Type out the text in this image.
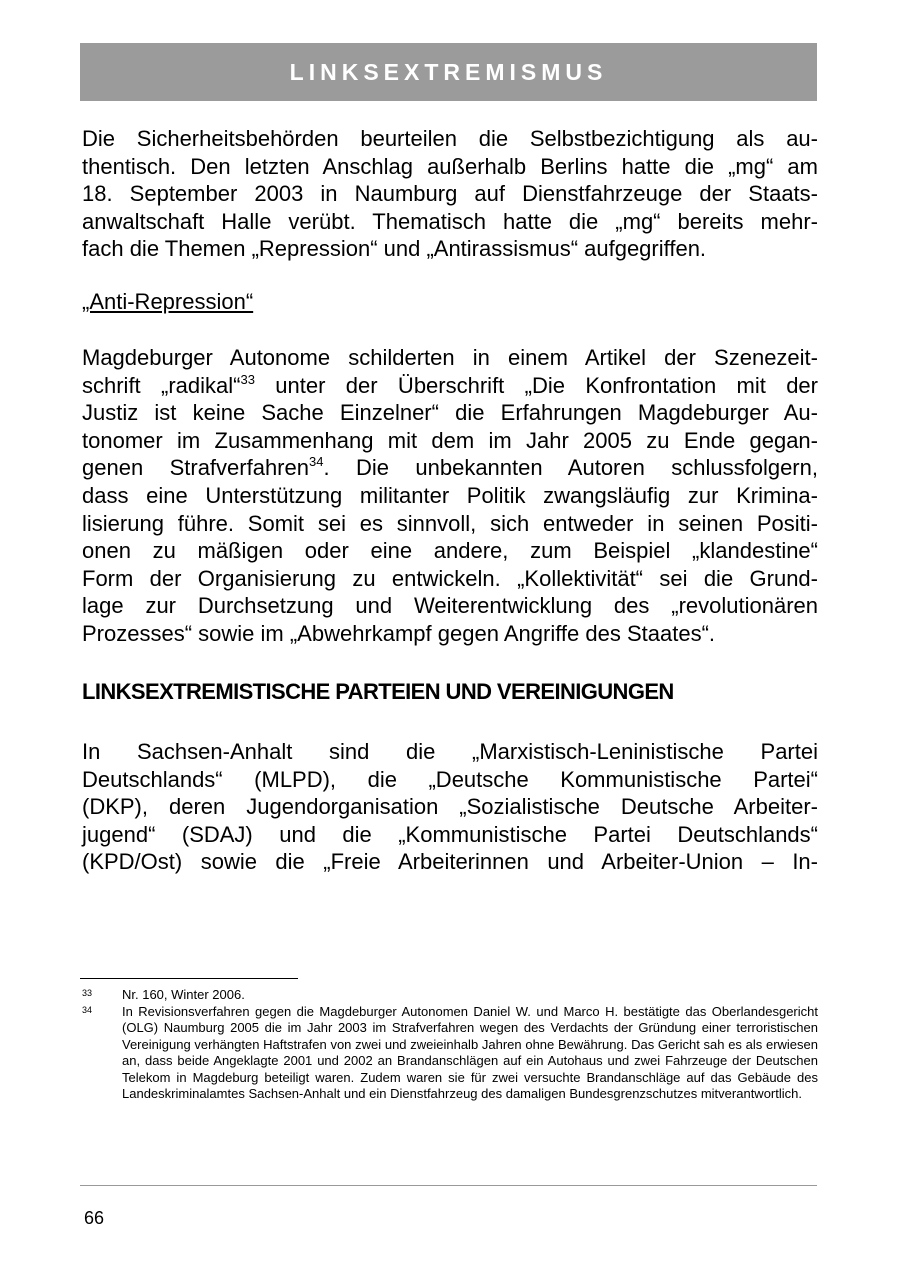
LINKSEXTREMISMUS
Die Sicherheitsbehörden beurteilen die Selbstbezichtigung als au-
thentisch. Den letzten Anschlag außerhalb Berlins hatte die „mg“ am
18. September 2003 in Naumburg auf Dienstfahrzeuge der Staats-
anwaltschaft Halle verübt. Thematisch hatte die „mg“ bereits mehr-
fach die Themen „Repression“ und „Antirassismus“ aufgegriffen.
„Anti-Repression“
Magdeburger Autonome schilderten in einem Artikel der Szenezeit-
schrift „radikal“$^{33}$ unter der Überschrift „Die Konfrontation mit der
Justiz ist keine Sache Einzelner“ die Erfahrungen Magdeburger Au-
tonomer im Zusammenhang mit dem im Jahr 2005 zu Ende gegan-
genen Strafverfahren$^{34}$. Die unbekannten Autoren schlussfolgern,
dass eine Unterstützung militanter Politik zwangsläufig zur Krimina-
lisierung führe. Somit sei es sinnvoll, sich entweder in seinen Positi-
onen zu mäßigen oder eine andere, zum Beispiel „klandestine“
Form der Organisierung zu entwickeln. „Kollektivität“ sei die Grund-
lage zur Durchsetzung und Weiterentwicklung des „revolutionären
Prozesses“ sowie im „Abwehrkampf gegen Angriffe des Staates“.
LINKSEXTREMISTISCHE PARTEIEN UND VEREINIGUNGEN
In Sachsen-Anhalt sind die „Marxistisch-Leninistische Partei
Deutschlands“ (MLPD), die „Deutsche Kommunistische Partei“
(DKP), deren Jugendorganisation „Sozialistische Deutsche Arbeiter-
jugend“ (SDAJ) und die „Kommunistische Partei Deutschlands“
(KPD/Ost) sowie die „Freie Arbeiterinnen und Arbeiter-Union – In-
33	Nr. 160, Winter 2006.
34	In Revisionsverfahren gegen die Magdeburger Autonomen Daniel W. und Marco H. bestätigte das Oberlandesgericht (OLG) Naumburg 2005 die im Jahr 2003 im Strafverfahren wegen des Verdachts der Gründung einer terroristischen Vereinigung verhängten Haftstrafen von zwei und zweieinhalb Jahren ohne Bewährung. Das Gericht sah es als erwiesen an, dass beide Angeklagte 2001 und 2002 an Brandanschlägen auf ein Autohaus und zwei Fahrzeuge der Deutschen Telekom in Magdeburg beteiligt waren. Zudem waren sie für zwei versuchte Brandanschläge auf das Gebäude des Landeskriminalamtes Sachsen-Anhalt und ein Dienstfahrzeug des damaligen Bundesgrenzschutzes mitverantwortlich.
66
